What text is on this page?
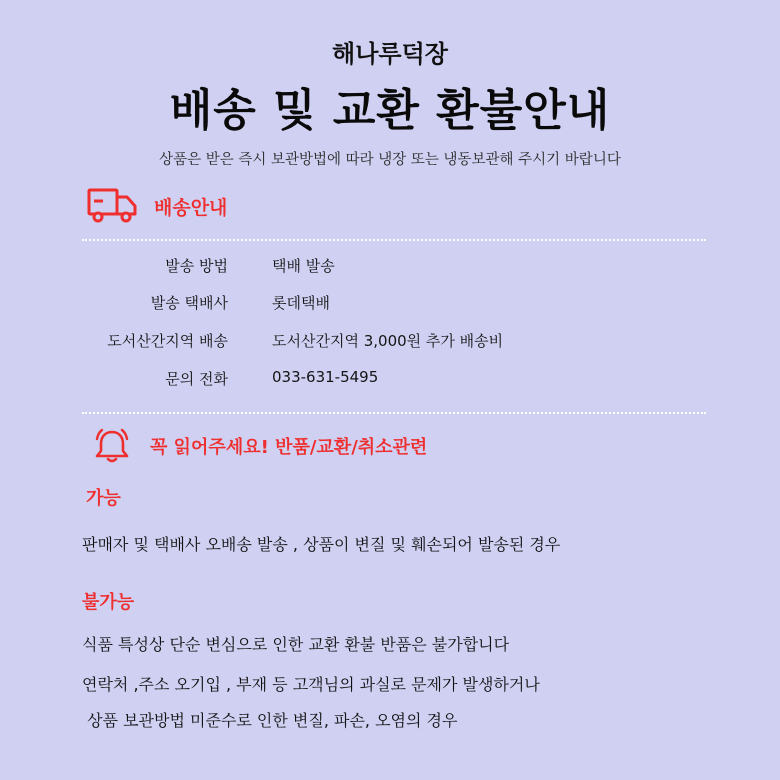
해나루덕장
배송 및 교환 환불안내
상품은 받은 즉시 보관방법에 따라 냉장 또는 냉동보관해 주시기 바랍니다
배송안내
발송 방법	택배 발송
발송 택배사	롯데택배
도서산간지역 배송	도서산간지역 3,000원 추가 배송비
문의 전화	033-631-5495
꼭 읽어주세요! 반품/교환/취소관련
가능
판매자 및 택배사 오배송 발송 , 상품이 변질 및 훼손되어 발송된 경우
불가능
식품 특성상 단순 변심으로 인한 교환 환불 반품은 불가합니다
연락처 ,주소 오기입 , 부재 등 고객님의 과실로 문제가 발생하거나
상품 보관방법 미준수로 인한 변질, 파손, 오염의 경우
